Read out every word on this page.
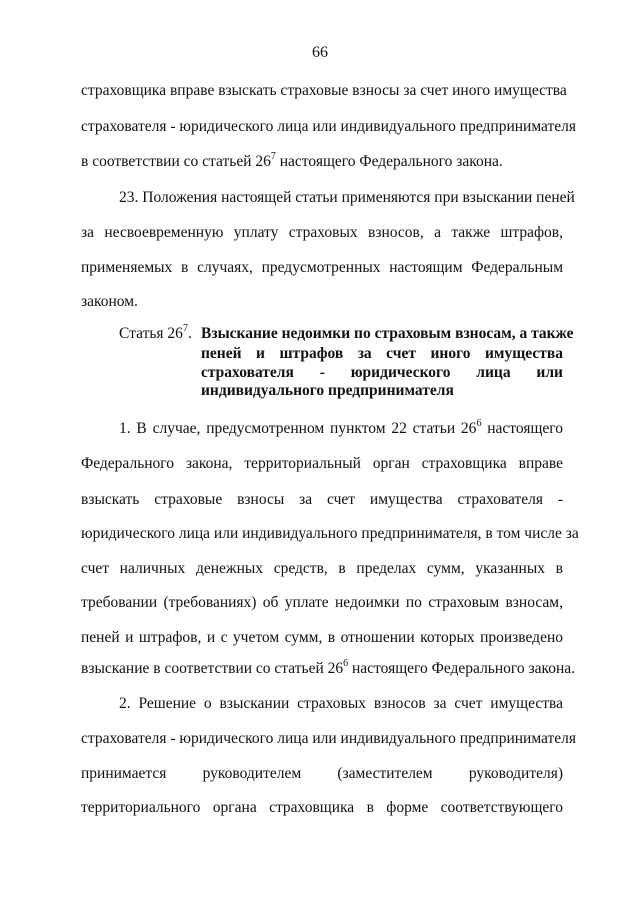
66
страховщика вправе взыскать страховые взносы за счет иного имущества
страхователя - юридического лица или индивидуального предпринимателя
в соответствии со статьей $26^7$ настоящего Федерального закона.
23. Положения настоящей статьи применяются при взыскании пеней
за несвоевременную уплату страховых взносов, а также штрафов,
применяемых в случаях, предусмотренных настоящим Федеральным
законом.
Статья $26^7$. Взыскание недоимки по страховым взносам, а также
пеней и штрафов за счет иного имущества
страхователя - юридического лица или
индивидуального предпринимателя
1. В случае, предусмотренном пунктом 22 статьи $26^6$ настоящего
Федерального закона, территориальный орган страховщика вправе
взыскать страховые взносы за счет имущества страхователя -
юридического лица или индивидуального предпринимателя, в том числе за
счет наличных денежных средств, в пределах сумм, указанных в
требовании (требованиях) об уплате недоимки по страховым взносам,
пеней и штрафов, и с учетом сумм, в отношении которых произведено
взыскание в соответствии со статьей $26^6$ настоящего Федерального закона.
2. Решение о взыскании страховых взносов за счет имущества
страхователя - юридического лица или индивидуального предпринимателя
принимается руководителем (заместителем руководителя)
территориального органа страховщика в форме соответствующего
